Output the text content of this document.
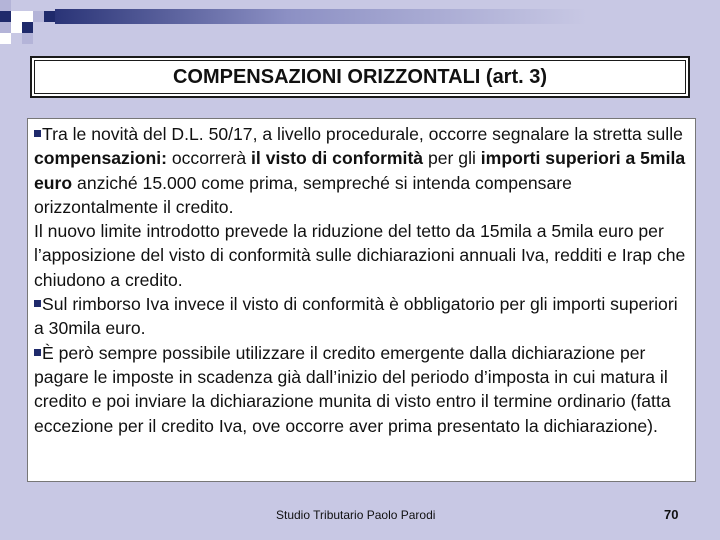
COMPENSAZIONI ORIZZONTALI (art. 3)

Tra le novità del D.L. 50/17, a livello procedurale, occorre segnalare la stretta sulle compensazioni: occorrerà il visto di conformità per gli importi superiori a 5mila euro anziché 15.000 come prima, sempreché si intenda compensare orizzontalmente il credito.

Il nuovo limite introdotto prevede la riduzione del tetto da 15mila a 5mila euro per l’apposizione del visto di conformità sulle dichiarazioni annuali Iva, redditi e Irap che chiudono a credito.

Sul rimborso Iva invece il visto di conformità è obbligatorio per gli importi superiori a 30mila euro.

È però sempre possibile utilizzare il credito emergente dalla dichiarazione per pagare le imposte in scadenza già dall’inizio del periodo d’imposta in cui matura il credito e poi inviare la dichiarazione munita di visto entro il termine ordinario (fatta eccezione per il credito Iva, ove occorre aver prima presentato la dichiarazione).

Studio Tributario Paolo Parodi	70
